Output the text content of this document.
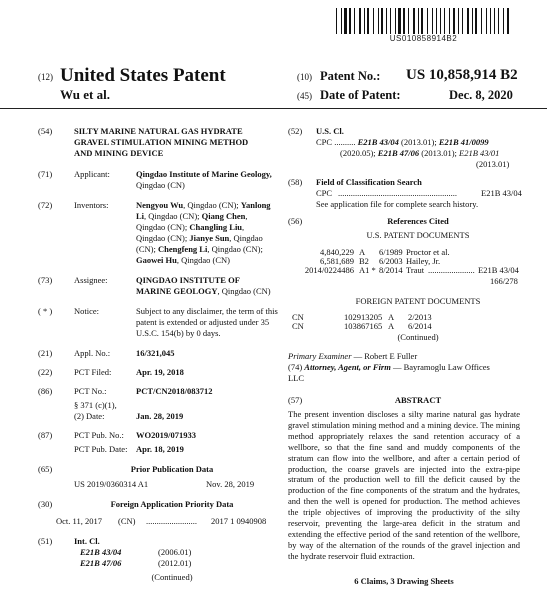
US010858914B2
(12) United States Patent
Wu et al.
(10) Patent No.: US 10,858,914 B2
(45) Date of Patent:	Dec. 8, 2020
(54)	SILTY MARINE NATURAL GAS HYDRATE
GRAVEL STIMULATION MINING METHOD
AND MINING DEVICE
(71)	Applicant:	Qingdao Institute of Marine Geology,
Qingdao (CN)
(72)	Inventors:	Nengyou Wu, Qingdao (CN); Yanlong
Li, Qingdao (CN); Qiang Chen,
Qingdao (CN); Changling Liu,
Qingdao (CN); Jianye Sun, Qingdao
(CN); Chengfeng Li, Qingdao (CN);
Gaowei Hu, Qingdao (CN)
(73)	Assignee:	QINGDAO INSTITUTE OF
MARINE GEOLOGY, Qingdao (CN)
( * )	Notice:	Subject to any disclaimer, the term of this
patent is extended or adjusted under 35
U.S.C. 154(b) by 0 days.
(21)	Appl. No.:	16/321,045
(22)	PCT Filed:	Apr. 19, 2018
(86)	PCT No.:	PCT/CN2018/083712
§ 371 (c)(1),
(2) Date:	Jan. 28, 2019
(87)	PCT Pub. No.: WO2019/071933
PCT Pub. Date: Apr. 18, 2019
(65)	Prior Publication Data
US 2019/0360314 A1	Nov. 28, 2019
(30)	Foreign Application Priority Data
Oct. 11, 2017 (CN) ........................ 2017 1 0940908
(51)	Int. Cl.
E21B 43/04	(2006.01)
E21B 47/06	(2012.01)
(Continued)
(52) U.S. Cl.
CPC .......... E21B 43/04 (2013.01); E21B 41/0099
(2020.05); E21B 47/06 (2013.01); E21B 43/01
(2013.01)
(58) Field of Classification Search
CPC ........................................................	E21B 43/04
See application file for complete search history.
(56)	References Cited
U.S. PATENT DOCUMENTS
4,840,229 A 6/1989 Proctor et al.
6,581,689 B2 6/2003 Hailey, Jr.
2014/0224486 A1 * 8/2014 Traut ...................... E21B 43/04
166/278
FOREIGN PATENT DOCUMENTS
CN	102913205 A 2/2013
CN	103867165 A 6/2014
(Continued)
Primary Examiner — Robert E Fuller
(74) Attorney, Agent, or Firm — Bayramoglu Law Offices
LLC
(57)	ABSTRACT
The present invention discloses a silty marine natural gas hydrate gravel stimulation mining method and a mining device. The mining method appropriately relaxes the sand retention accuracy of a wellbore, so that the fine sand and muddy components of the stratum can flow into the wellbore, and after a certain period of production, the coarse gravels are injected into the extra-pipe stratum of the production well to fill the deficit caused by the production of the fine components of the stratum and the hydrates, and then the well is opened for production. The method achieves the triple objectives of improving the productivity of the silty reservoir, preventing the large-area deficit in the stratum and extending the effective period of the sand retention of the wellbore, by way of the alternation of the rounds of the gravel injection and the hydrate reservoir fluid extraction.
6 Claims, 3 Drawing Sheets
